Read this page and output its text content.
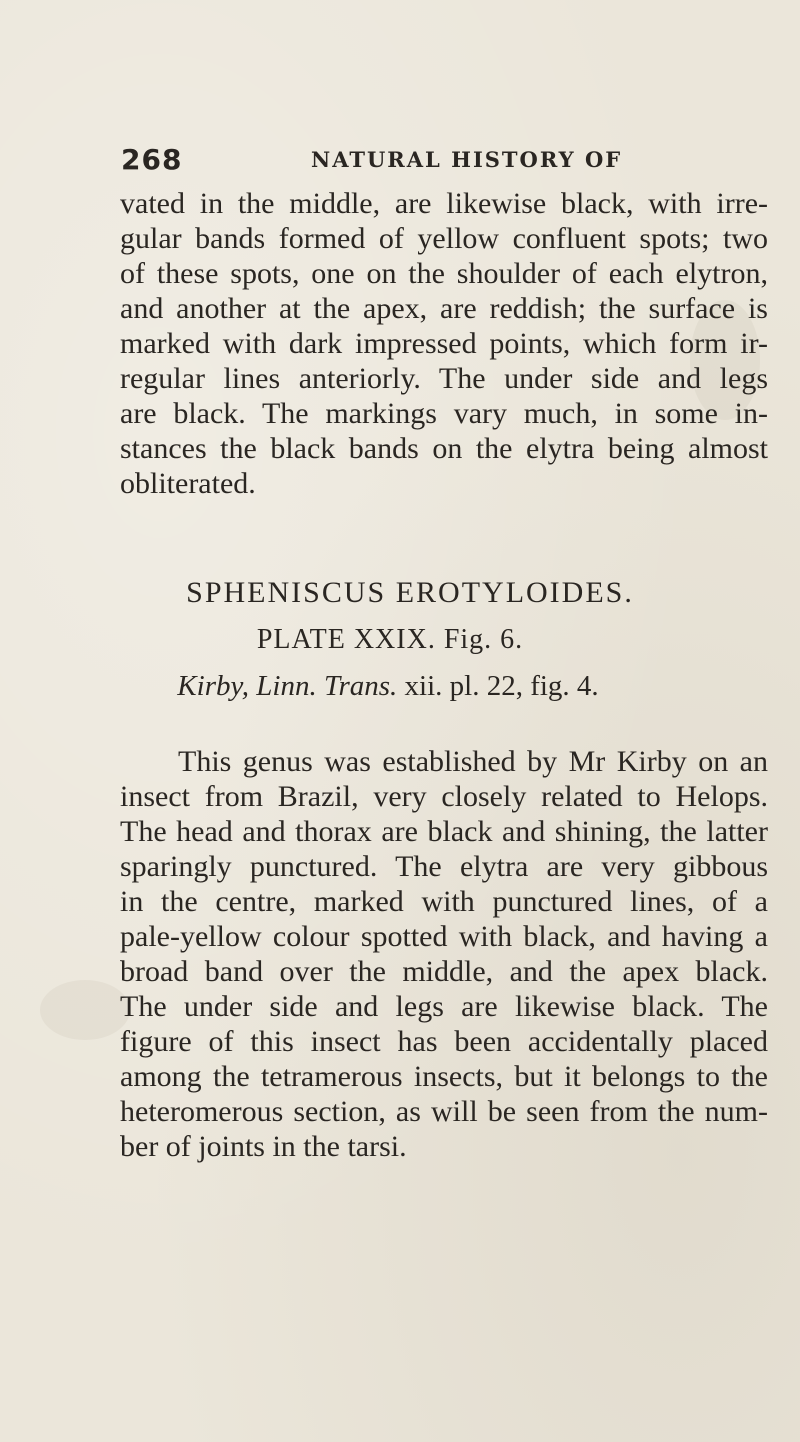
268	NATURAL HISTORY OF
vated in the middle, are likewise black, with irre-
gular bands formed of yellow confluent spots; two
of these spots, one on the shoulder of each elytron,
and another at the apex, are reddish; the surface is
marked with dark impressed points, which form ir-
regular lines anteriorly. The under side and legs
are black. The markings vary much, in some in-
stances the black bands on the elytra being almost
obliterated.
SPHENISCUS EROTYLOIDES.
PLATE XXIX. Fig. 6.
Kirby, Linn. Trans. xii. pl. 22, fig. 4.
This genus was established by Mr Kirby on an
insect from Brazil, very closely related to Helops.
The head and thorax are black and shining, the latter
sparingly punctured. The elytra are very gibbous
in the centre, marked with punctured lines, of a
pale-yellow colour spotted with black, and having a
broad band over the middle, and the apex black.
The under side and legs are likewise black. The
figure of this insect has been accidentally placed
among the tetramerous insects, but it belongs to the
heteromerous section, as will be seen from the num-
ber of joints in the tarsi.
